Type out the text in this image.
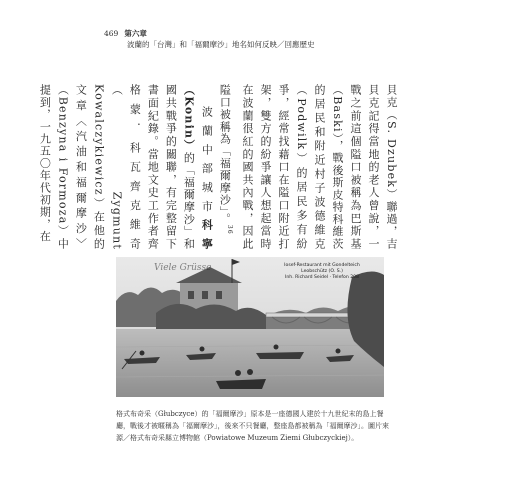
469 第六章
波蘭的「台灣」和「福爾摩沙」地名如何反映／回應歷史

貝克（S. Dzubek）聯過，吉貝克記得當地的老人曾說，一戰之前這個隘口被稱為巴斯基（Baski），戰後斯皮特科維茨的居民和附近村子波德維克（Podwilk）的居民多有紛爭，經常找藉口在隘口附近打架，雙方的紛爭讓人想起當時在波蘭很紅的國共內戰，因此隘口被稱為「福爾摩沙」。$^{36}$

波蘭中部城市科寧（Konin）的「福爾摩沙」和國共戰爭的關聯，有完整留下書面紀錄。當地文史工作者齊格蒙．科瓦齊克維奇（Zygmunt Kowalczykiewicz）在他的文章〈汽油和福爾摩沙〉（Benzyna i Formoza）中提到，一九五〇年代初期，在

Viele Grüsse	Iosef-Restaurant mit Gondelteich
Leobschütz (O. S.)
Inh. Richard Seidel · Telefon 208
格式布奇采（Głubczyce）的「福爾摩沙」原本是一座德國人建於十九世紀末的島上餐廳，戰後才被暱稱為「福爾摩沙」，後來不只餐廳，整座島都被稱為「福爾摩沙」。圖片來源／格式布奇采縣立博物館（Powiatowe Muzeum Ziemi Głubczyckiej）。
